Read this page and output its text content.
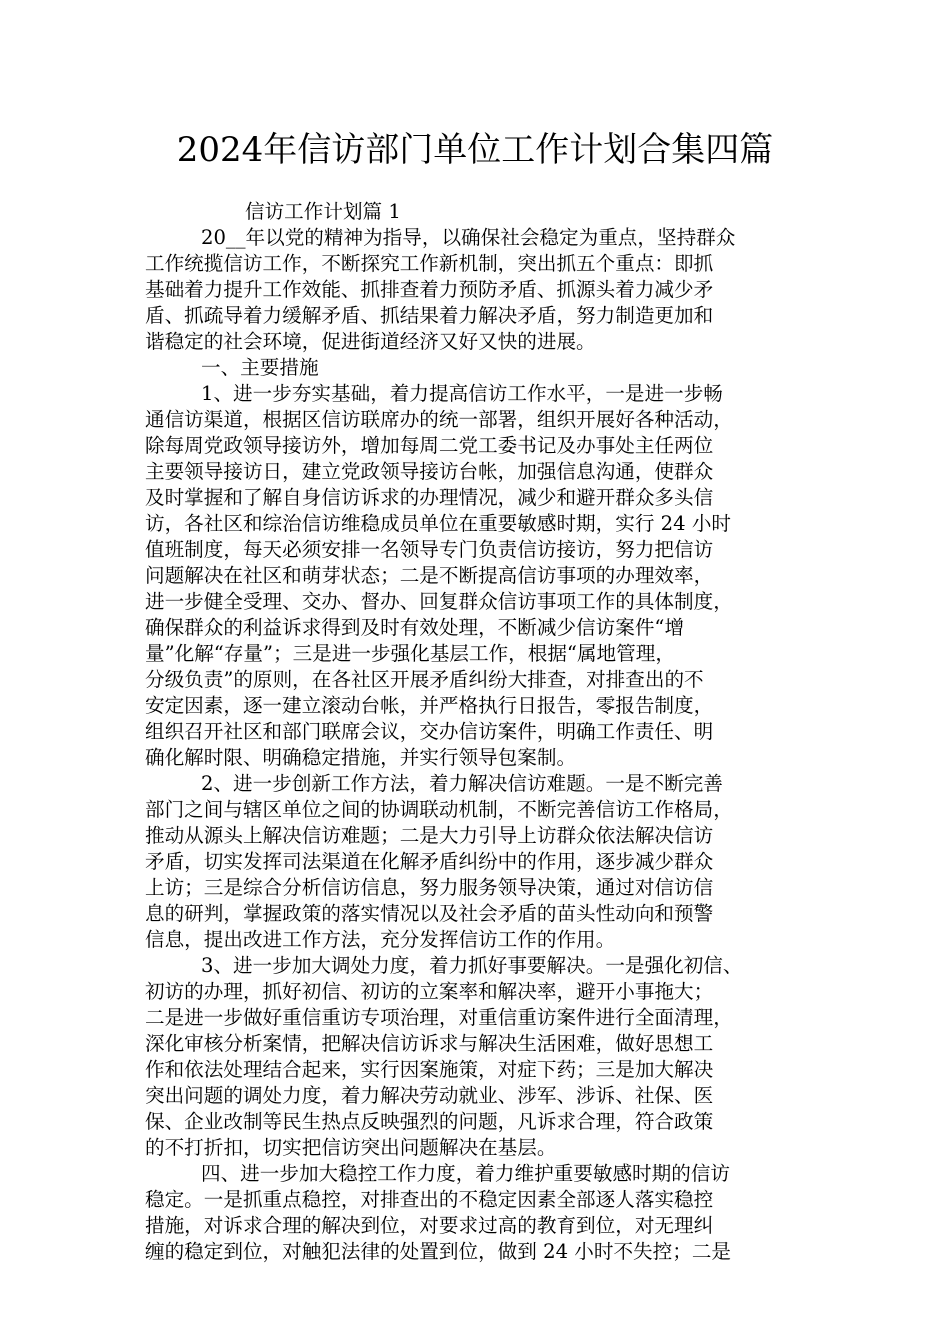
2024年信访部门单位工作计划合集四篇
信访工作计划篇 1
20__年以党的精神为指导，以确保社会稳定为重点，坚持群众
工作统揽信访工作，不断探究工作新机制，突出抓五个重点：即抓
基础着力提升工作效能、抓排查着力预防矛盾、抓源头着力减少矛
盾、抓疏导着力缓解矛盾、抓结果着力解决矛盾，努力制造更加和
谐稳定的社会环境，促进街道经济又好又快的进展。
一、主要措施
1、进一步夯实基础，着力提高信访工作水平，一是进一步畅
通信访渠道，根据区信访联席办的统一部署，组织开展好各种活动，
除每周党政领导接访外，增加每周二党工委书记及办事处主任两位
主要领导接访日，建立党政领导接访台帐，加强信息沟通，使群众
及时掌握和了解自身信访诉求的办理情况，减少和避开群众多头信
访，各社区和综治信访维稳成员单位在重要敏感时期，实行 24 小时
值班制度，每天必须安排一名领导专门负责信访接访，努力把信访
问题解决在社区和萌芽状态；二是不断提高信访事项的办理效率，
进一步健全受理、交办、督办、回复群众信访事项工作的具体制度，
确保群众的利益诉求得到及时有效处理，不断减少信访案件“增
量”化解“存量”；三是进一步强化基层工作，根据“属地管理，
分级负责”的原则，在各社区开展矛盾纠纷大排查，对排查出的不
安定因素，逐一建立滚动台帐，并严格执行日报告，零报告制度，
组织召开社区和部门联席会议，交办信访案件，明确工作责任、明
确化解时限、明确稳定措施，并实行领导包案制。
2、进一步创新工作方法，着力解决信访难题。一是不断完善
部门之间与辖区单位之间的协调联动机制，不断完善信访工作格局，
推动从源头上解决信访难题；二是大力引导上访群众依法解决信访
矛盾，切实发挥司法渠道在化解矛盾纠纷中的作用，逐步减少群众
上访；三是综合分析信访信息，努力服务领导决策，通过对信访信
息的研判，掌握政策的落实情况以及社会矛盾的苗头性动向和预警
信息，提出改进工作方法，充分发挥信访工作的作用。
3、进一步加大调处力度，着力抓好事要解决。一是强化初信、
初访的办理，抓好初信、初访的立案率和解决率，避开小事拖大；
二是进一步做好重信重访专项治理，对重信重访案件进行全面清理，
深化审核分析案情，把解决信访诉求与解决生活困难，做好思想工
作和依法处理结合起来，实行因案施策，对症下药；三是加大解决
突出问题的调处力度，着力解决劳动就业、涉军、涉诉、社保、医
保、企业改制等民生热点反映强烈的问题，凡诉求合理，符合政策
的不打折扣，切实把信访突出问题解决在基层。
四、进一步加大稳控工作力度，着力维护重要敏感时期的信访
稳定。一是抓重点稳控，对排查出的不稳定因素全部逐人落实稳控
措施，对诉求合理的解决到位，对要求过高的教育到位，对无理纠
缠的稳定到位，对触犯法律的处置到位，做到 24 小时不失控；二是
